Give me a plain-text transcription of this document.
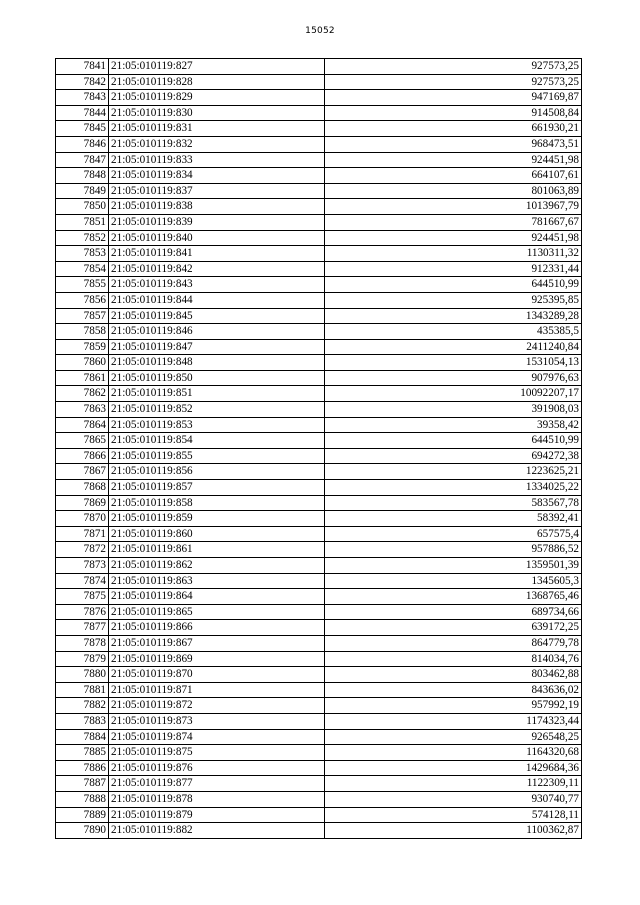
15052
7841	21:05:010119:827	927573,25
7842	21:05:010119:828	927573,25
7843	21:05:010119:829	947169,87
7844	21:05:010119:830	914508,84
7845	21:05:010119:831	661930,21
7846	21:05:010119:832	968473,51
7847	21:05:010119:833	924451,98
7848	21:05:010119:834	664107,61
7849	21:05:010119:837	801063,89
7850	21:05:010119:838	1013967,79
7851	21:05:010119:839	781667,67
7852	21:05:010119:840	924451,98
7853	21:05:010119:841	1130311,32
7854	21:05:010119:842	912331,44
7855	21:05:010119:843	644510,99
7856	21:05:010119:844	925395,85
7857	21:05:010119:845	1343289,28
7858	21:05:010119:846	435385,5
7859	21:05:010119:847	2411240,84
7860	21:05:010119:848	1531054,13
7861	21:05:010119:850	907976,63
7862	21:05:010119:851	10092207,17
7863	21:05:010119:852	391908,03
7864	21:05:010119:853	39358,42
7865	21:05:010119:854	644510,99
7866	21:05:010119:855	694272,38
7867	21:05:010119:856	1223625,21
7868	21:05:010119:857	1334025,22
7869	21:05:010119:858	583567,78
7870	21:05:010119:859	58392,41
7871	21:05:010119:860	657575,4
7872	21:05:010119:861	957886,52
7873	21:05:010119:862	1359501,39
7874	21:05:010119:863	1345605,3
7875	21:05:010119:864	1368765,46
7876	21:05:010119:865	689734,66
7877	21:05:010119:866	639172,25
7878	21:05:010119:867	864779,78
7879	21:05:010119:869	814034,76
7880	21:05:010119:870	803462,88
7881	21:05:010119:871	843636,02
7882	21:05:010119:872	957992,19
7883	21:05:010119:873	1174323,44
7884	21:05:010119:874	926548,25
7885	21:05:010119:875	1164320,68
7886	21:05:010119:876	1429684,36
7887	21:05:010119:877	1122309,11
7888	21:05:010119:878	930740,77
7889	21:05:010119:879	574128,11
7890	21:05:010119:882	1100362,87
